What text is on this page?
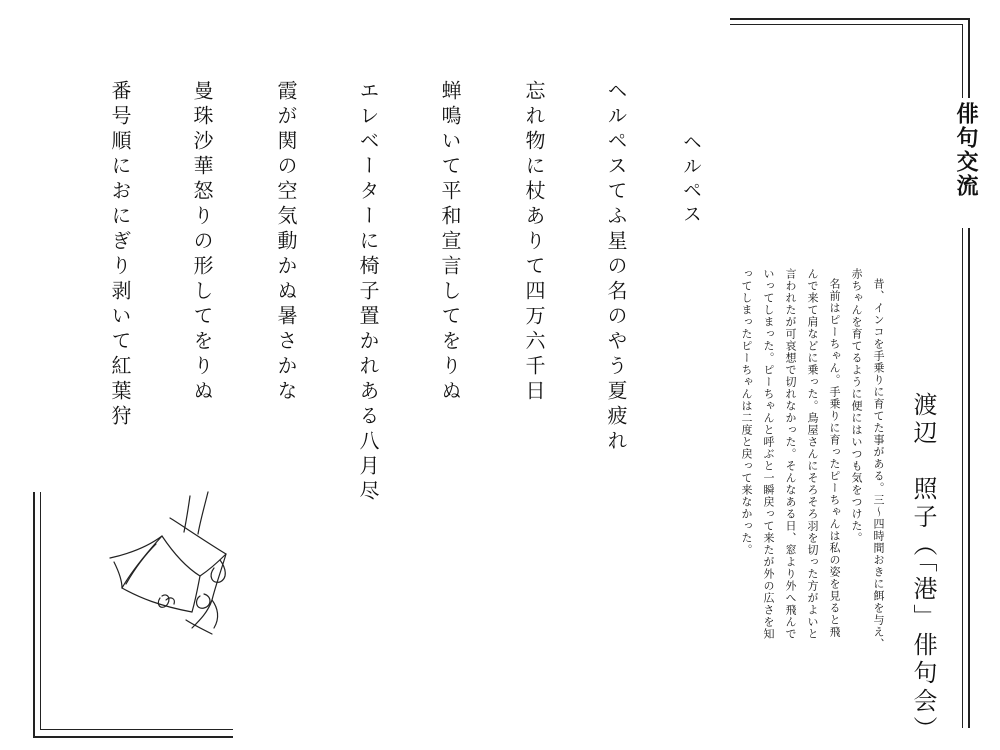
俳句交流
渡辺　照子（「港」俳句会）
昔、インコを手乗りに育てた事がある。三〜四時間おきに餌を与え、
赤ちゃんを育てるように便にはいつも気をつけた。
名前はピーちゃん。手乗りに育ったピーちゃんは私の姿を見ると飛
んで来て肩などに乗った。鳥屋さんにそろそろ羽を切った方がよいと
言われたが可哀想で切れなかった。そんなある日、窓より外へ飛んで
いってしまった。ピーちゃんと呼ぶと一瞬戻って来たが外の広さを知
ってしまったピーちゃんは二度と戻って来なかった。
ヘルペス
ヘルペスてふ星の名のやう夏疲れ
忘れ物に杖ありて四万六千日
蝉鳴いて平和宣言してをりぬ
エレベーターに椅子置かれある八月尽
霞が関の空気動かぬ暑さかな
曼珠沙華怒りの形してをりぬ
番号順におにぎり剥いて紅葉狩
